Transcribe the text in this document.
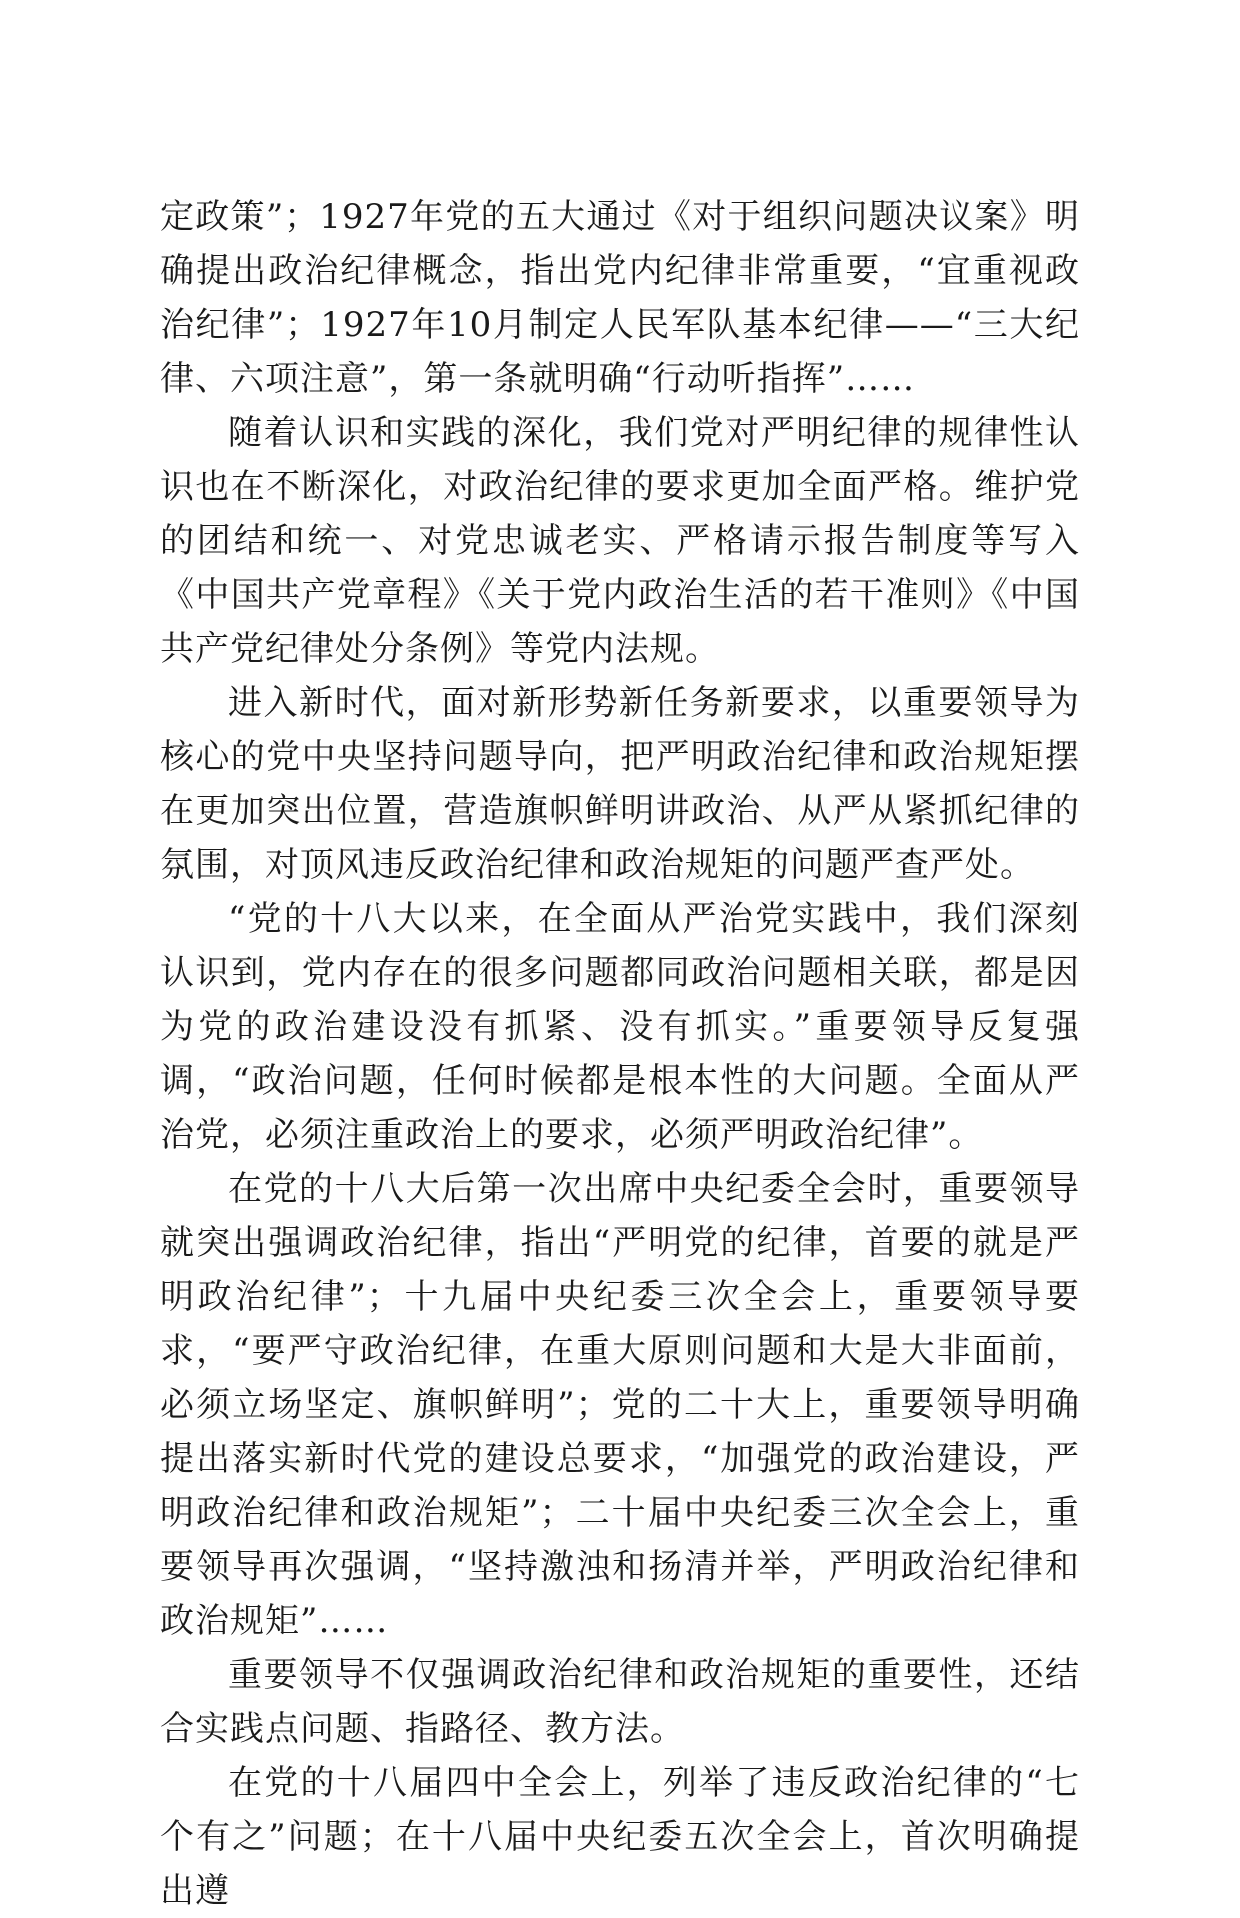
定政策”；1927年党的五大通过《对于组织问题决议案》明确提出政治纪律概念，指出党内纪律非常重要，“宜重视政治纪律”；1927年10月制定人民军队基本纪律——“三大纪律、六项注意”，第一条就明确“行动听指挥”……

随着认识和实践的深化，我们党对严明纪律的规律性认识也在不断深化，对政治纪律的要求更加全面严格。维护党的团结和统一、对党忠诚老实、严格请示报告制度等写入《中国共产党章程》《关于党内政治生活的若干准则》《中国共产党纪律处分条例》等党内法规。

进入新时代，面对新形势新任务新要求，以重要领导为核心的党中央坚持问题导向，把严明政治纪律和政治规矩摆在更加突出位置，营造旗帜鲜明讲政治、从严从紧抓纪律的氛围，对顶风违反政治纪律和政治规矩的问题严查严处。

“党的十八大以来，在全面从严治党实践中，我们深刻认识到，党内存在的很多问题都同政治问题相关联，都是因为党的政治建设没有抓紧、没有抓实。”重要领导反复强调，“政治问题，任何时候都是根本性的大问题。全面从严治党，必须注重政治上的要求，必须严明政治纪律”。

在党的十八大后第一次出席中央纪委全会时，重要领导就突出强调政治纪律，指出“严明党的纪律，首要的就是严明政治纪律”；十九届中央纪委三次全会上，重要领导要求，“要严守政治纪律，在重大原则问题和大是大非面前，必须立场坚定、旗帜鲜明”；党的二十大上，重要领导明确提出落实新时代党的建设总要求，“加强党的政治建设，严明政治纪律和政治规矩”；二十届中央纪委三次全会上，重要领导再次强调，“坚持激浊和扬清并举，严明政治纪律和政治规矩”……

重要领导不仅强调政治纪律和政治规矩的重要性，还结合实践点问题、指路径、教方法。

在党的十八届四中全会上，列举了违反政治纪律的“七个有之”问题；在十八届中央纪委五次全会上，首次明确提出遵
